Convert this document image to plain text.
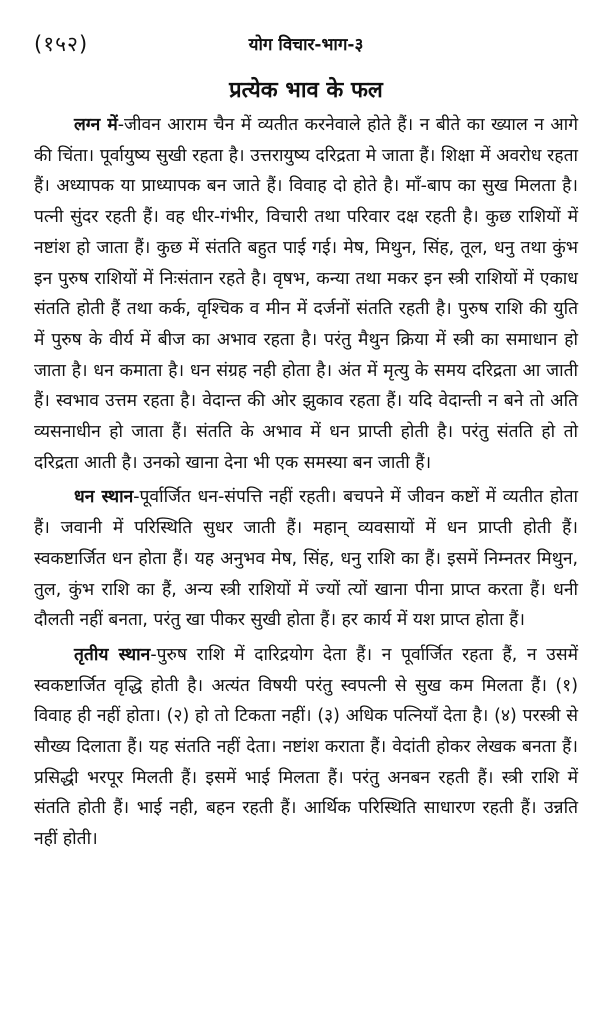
(१५२)	योग विचार-भाग-३
प्रत्येक भाव के फल

लग्न में-जीवन आराम चैन में व्यतीत करनेवाले होते हैं। न बीते का ख्याल न आगे की चिंता। पूर्वायुष्य सुखी रहता है। उत्तरायुष्य दरिद्रता मे जाता हैं। शिक्षा में अवरोध रहता हैं। अध्यापक या प्राध्यापक बन जाते हैं। विवाह दो होते है। माँ-बाप का सुख मिलता है। पत्नी सुंदर रहती हैं। वह धीर-गंभीर, विचारी तथा परिवार दक्ष रहती है। कुछ राशियों में नष्टांश हो जाता हैं। कुछ में संतति बहुत पाई गई। मेष, मिथुन, सिंह, तूल, धनु तथा कुंभ इन पुरुष राशियों में निःसंतान रहते है। वृषभ, कन्या तथा मकर इन स्त्री राशियों में एकाध संतति होती हैं तथा कर्क, वृश्चिक व मीन में दर्जनों संतति रहती है। पुरुष राशि की युति में पुरुष के वीर्य में बीज का अभाव रहता है। परंतु मैथुन क्रिया में स्त्री का समाधान हो जाता है। धन कमाता है। धन संग्रह नही होता है। अंत में मृत्यु के समय दरिद्रता आ जाती हैं। स्वभाव उत्तम रहता है। वेदान्त की ओर झुकाव रहता हैं। यदि वेदान्ती न बने तो अति व्यसनाधीन हो जाता हैं। संतति के अभाव में धन प्राप्ती होती है। परंतु संतति हो तो दरिद्रता आती है। उनको खाना देना भी एक समस्या बन जाती हैं।

धन स्थान-पूर्वार्जित धन-संपत्ति नहीं रहती। बचपने में जीवन कष्टों में व्यतीत होता हैं। जवानी में परिस्थिति सुधर जाती हैं। महान्‌ व्यवसायों में धन प्राप्ती होती हैं। स्वकष्टार्जित धन होता हैं। यह अनुभव मेष, सिंह, धनु राशि का हैं। इसमें निम्नतर मिथुन, तुल, कुंभ राशि का हैं, अन्य स्त्री राशियों में ज्यों त्यों खाना पीना प्राप्त करता हैं। धनी दौलती नहीं बनता, परंतु खा पीकर सुखी होता हैं। हर कार्य में यश प्राप्त होता हैं।

तृतीय स्थान-पुरुष राशि में दारिद्रयोग देता हैं। न पूर्वार्जित रहता हैं, न उसमें स्वकष्टार्जित वृद्धि होती है। अत्यंत विषयी परंतु स्वपत्नी से सुख कम मिलता हैं। (१) विवाह ही नहीं होता। (२) हो तो टिकता नहीं। (३) अधिक पत्नियाँ देता है। (४) परस्त्री से सौख्य दिलाता हैं। यह संतति नहीं देता। नष्टांश कराता हैं। वेदांती होकर लेखक बनता हैं। प्रसिद्धी भरपूर मिलती हैं। इसमें भाई मिलता हैं। परंतु अनबन रहती हैं। स्त्री राशि में संतति होती हैं। भाई नही, बहन रहती हैं। आर्थिक परिस्थिति साधारण रहती हैं। उन्नति नहीं होती।
